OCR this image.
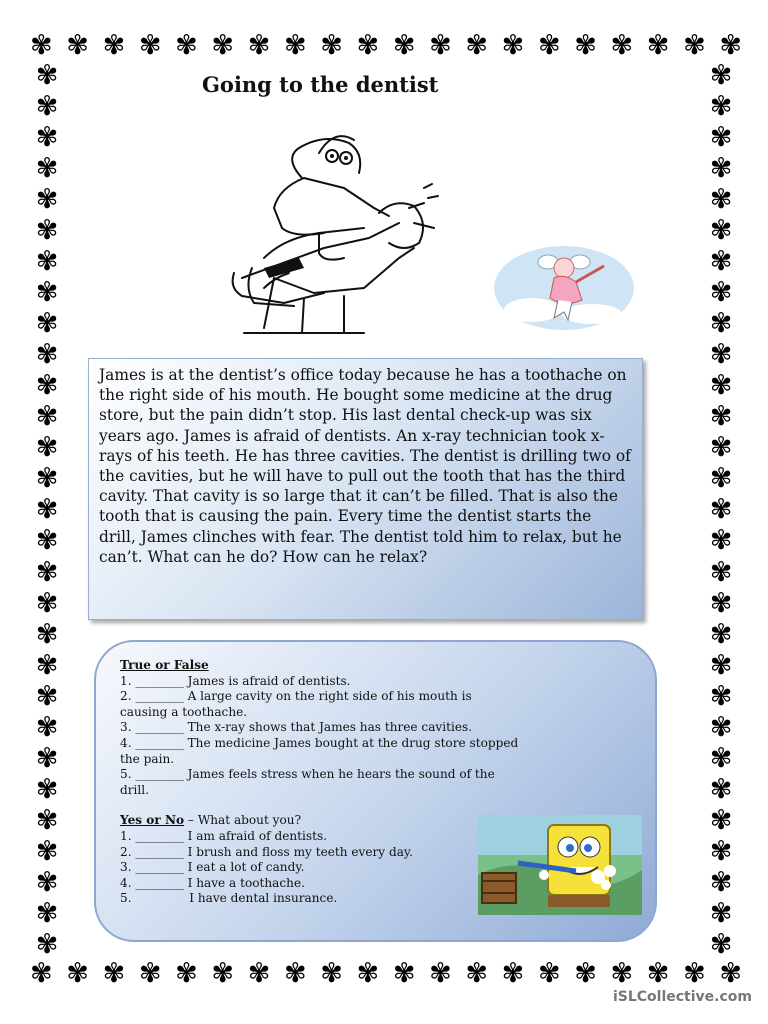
✾ ✾ ✾ ✾ ✾ ✾ ✾ ✾ ✾ ✾ ✾ ✾ ✾ ✾ ✾ ✾ ✾ ✾ ✾ ✾
✾ ✾ ✾ ✾ ✾ ✾ ✾ ✾ ✾ ✾ ✾ ✾ ✾ ✾ ✾ ✾ ✾ ✾ ✾ ✾
✾
✾
✾
✾
✾
✾
✾
✾
✾
✾
✾
✾
✾
✾
✾
✾
✾
✾
✾
✾
✾
✾
✾
✾
✾
✾
✾
✾
✾
✾
✾
✾
✾
✾
✾
✾
✾
✾
✾
✾
✾
✾
✾
✾
✾
✾
✾
✾
✾
✾
✾
✾
✾
✾
✾
✾
✾
✾
Going to the dentist

James is at the dentist’s office today because he has a toothache on the right side of his mouth. He bought some medicine at the drug store, but the pain didn’t stop. His last dental check-up was six years ago. James is afraid of dentists. An x-ray technician took x-rays of his teeth. He has three cavities. The dentist is drilling two of the cavities, but he will have to pull out the tooth that has the third cavity. That cavity is so large that it can’t be filled. That is also the tooth that is causing the pain. Every time the dentist starts the drill, James clinches with fear. The dentist told him to relax, but he can’t. What can he do? How can he relax?

True or False

1. ________ James is afraid of dentists.

2. ________ A large cavity on the right side of his mouth is causing a toothache.

3. ________ The x-ray shows that James has three cavities.

4. ________ The medicine James bought at the drug store stopped the pain.

5. ________ James feels stress when he hears the sound of the drill.

Yes or No – What about you?

1. ________ I am afraid of dentists.

2. ________ I brush and floss my teeth every day.

3. ________ I eat a lot of candy.

4. ________ I have a toothache.

5.               I have dental insurance.

iSLCollective.com
